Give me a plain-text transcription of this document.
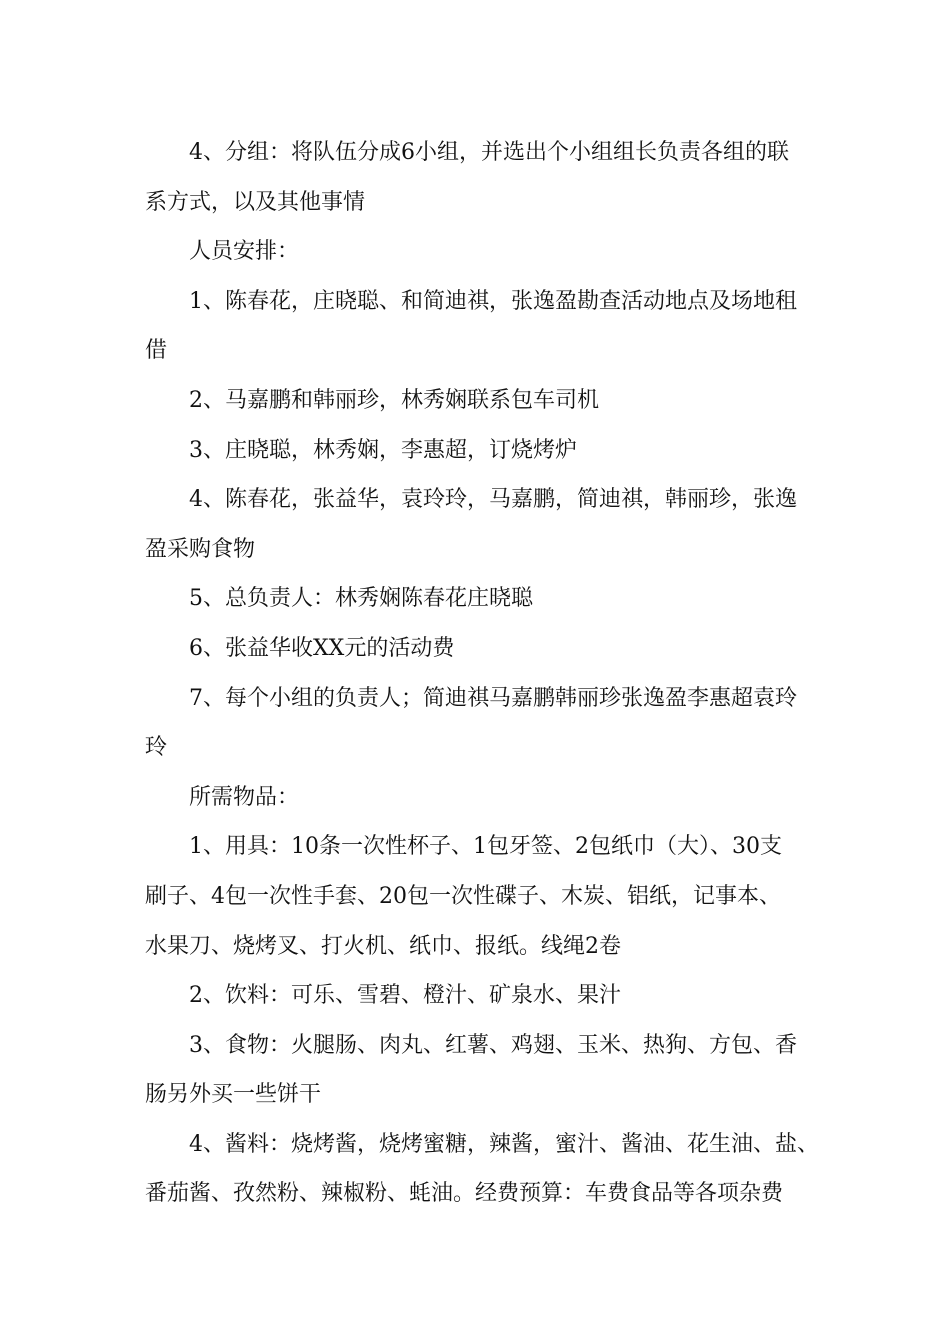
4、分组：将队伍分成6小组，并选出个小组组长负责各组的联
系方式，以及其他事情
人员安排：
1、陈春花，庄晓聪、和简迪祺，张逸盈勘查活动地点及场地租
借
2、马嘉鹏和韩丽珍，林秀娴联系包车司机
3、庄晓聪，林秀娴，李惠超，订烧烤炉
4、陈春花，张益华，袁玲玲，马嘉鹏，简迪祺，韩丽珍，张逸
盈采购食物
5、总负责人：林秀娴陈春花庄晓聪
6、张益华收XX元的活动费
7、每个小组的负责人；简迪祺马嘉鹏韩丽珍张逸盈李惠超袁玲
玲
所需物品：
1、用具：10条一次性杯子、1包牙签、2包纸巾（大）、30支
刷子、4包一次性手套、20包一次性碟子、木炭、铝纸，记事本、
水果刀、烧烤叉、打火机、纸巾、报纸。线绳2卷
2、饮料：可乐、雪碧、橙汁、矿泉水、果汁
3、食物：火腿肠、肉丸、红薯、鸡翅、玉米、热狗、方包、香
肠另外买一些饼干
4、酱料：烧烤酱，烧烤蜜糖，辣酱，蜜汁、酱油、花生油、盐、
番茄酱、孜然粉、辣椒粉、蚝油。经费预算：车费食品等各项杂费
